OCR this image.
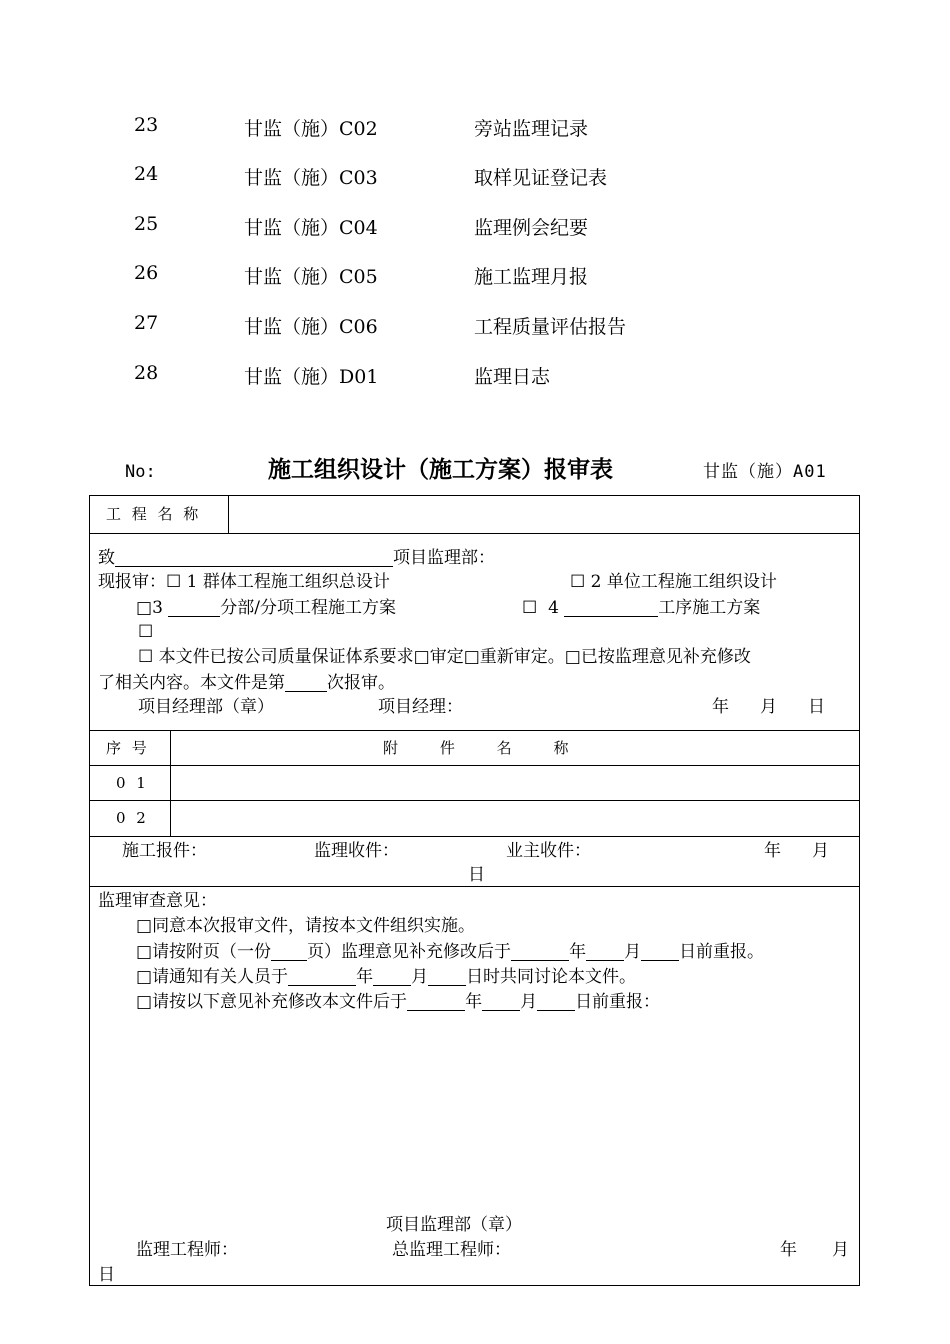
23	甘监（施）C02	旁站监理记录
24	甘监（施）C03	取样见证登记表
25	甘监（施）C04	监理例会纪要
26	甘监（施）C05	施工监理月报
27	甘监（施）C06	工程质量评估报告
28	甘监（施）D01	监理日志
No:	施工组织设计（施工方案）报审表	甘监（施）A01
工 程 名 称
致	项目监理部：
现报审：☐ 1 群体工程施工组织总设计	☐ 2 单位工程施工组织设计
□3	分部/分项工程施工方案	☐ 4	工序施工方案
☐
☐ 本文件已按公司质量保证体系要求□审定□重新审定。□已按监理意见补充修改
了相关内容。本文件是第 次报审。
项目经理部（章）	项目经理：	年 月 日
序 号	附     件     名     称
0 1
0 2
施工报件：	监理收件：	业主收件：	年 月
日
监理审查意见：
□同意本次报审文件，请按本文件组织实施。
□请按附页（一份 页）监理意见补充修改后于	年 月 日前重报。
□请通知有关人员于	年 月 日时共同讨论本文件。
□请按以下意见补充修改本文件后于	年 月 日前重报：
项目监理部（章）
监理工程师：	总监理工程师：	年 月
日
